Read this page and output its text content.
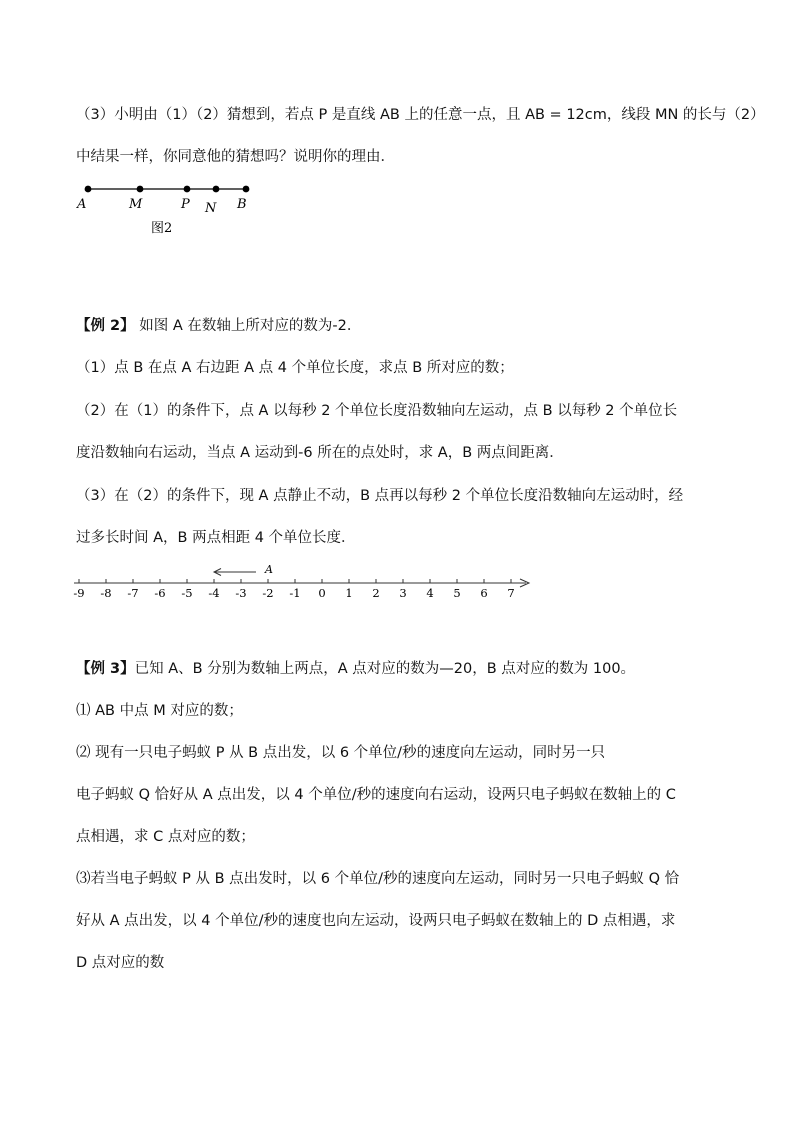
（3）小明由（1）（2）猜想到，若点 P 是直线 AB 上的任意一点，且 AB = 12cm，线段 MN 的长与（2）
中结果一样，你同意他的猜想吗？说明你的理由．
A	M	P N B
图2
【例 2】 如图 A 在数轴上所对应的数为-2．
（1）点 B 在点 A 右边距 A 点 4 个单位长度，求点 B 所对应的数；
（2）在（1）的条件下，点 A 以每秒 2 个单位长度沿数轴向左运动，点 B 以每秒 2 个单位长
度沿数轴向右运动，当点 A 运动到-6 所在的点处时，求 A，B 两点间距离．
（3）在（2）的条件下，现 A 点静止不动，B 点再以每秒 2 个单位长度沿数轴向左运动时，经
过多长时间 A，B 两点相距 4 个单位长度．
A
-9 -8 -7 -6 -5 -4 -3 -2 -1 0 1 2 3 4 5 6 7
【例 3】已知 A、B 分别为数轴上两点，A 点对应的数为—20，B 点对应的数为 100。
⑴ AB 中点 M 对应的数；
⑵ 现有一只电子蚂蚁 P 从 B 点出发，以 6 个单位/秒的速度向左运动，同时另一只
电子蚂蚁 Q 恰好从 A 点出发，以 4 个单位/秒的速度向右运动，设两只电子蚂蚁在数轴上的 C
点相遇，求 C 点对应的数；
⑶若当电子蚂蚁 P 从 B 点出发时，以 6 个单位/秒的速度向左运动，同时另一只电子蚂蚁 Q 恰
好从 A 点出发，以 4 个单位/秒的速度也向左运动，设两只电子蚂蚁在数轴上的 D 点相遇，求
D 点对应的数
